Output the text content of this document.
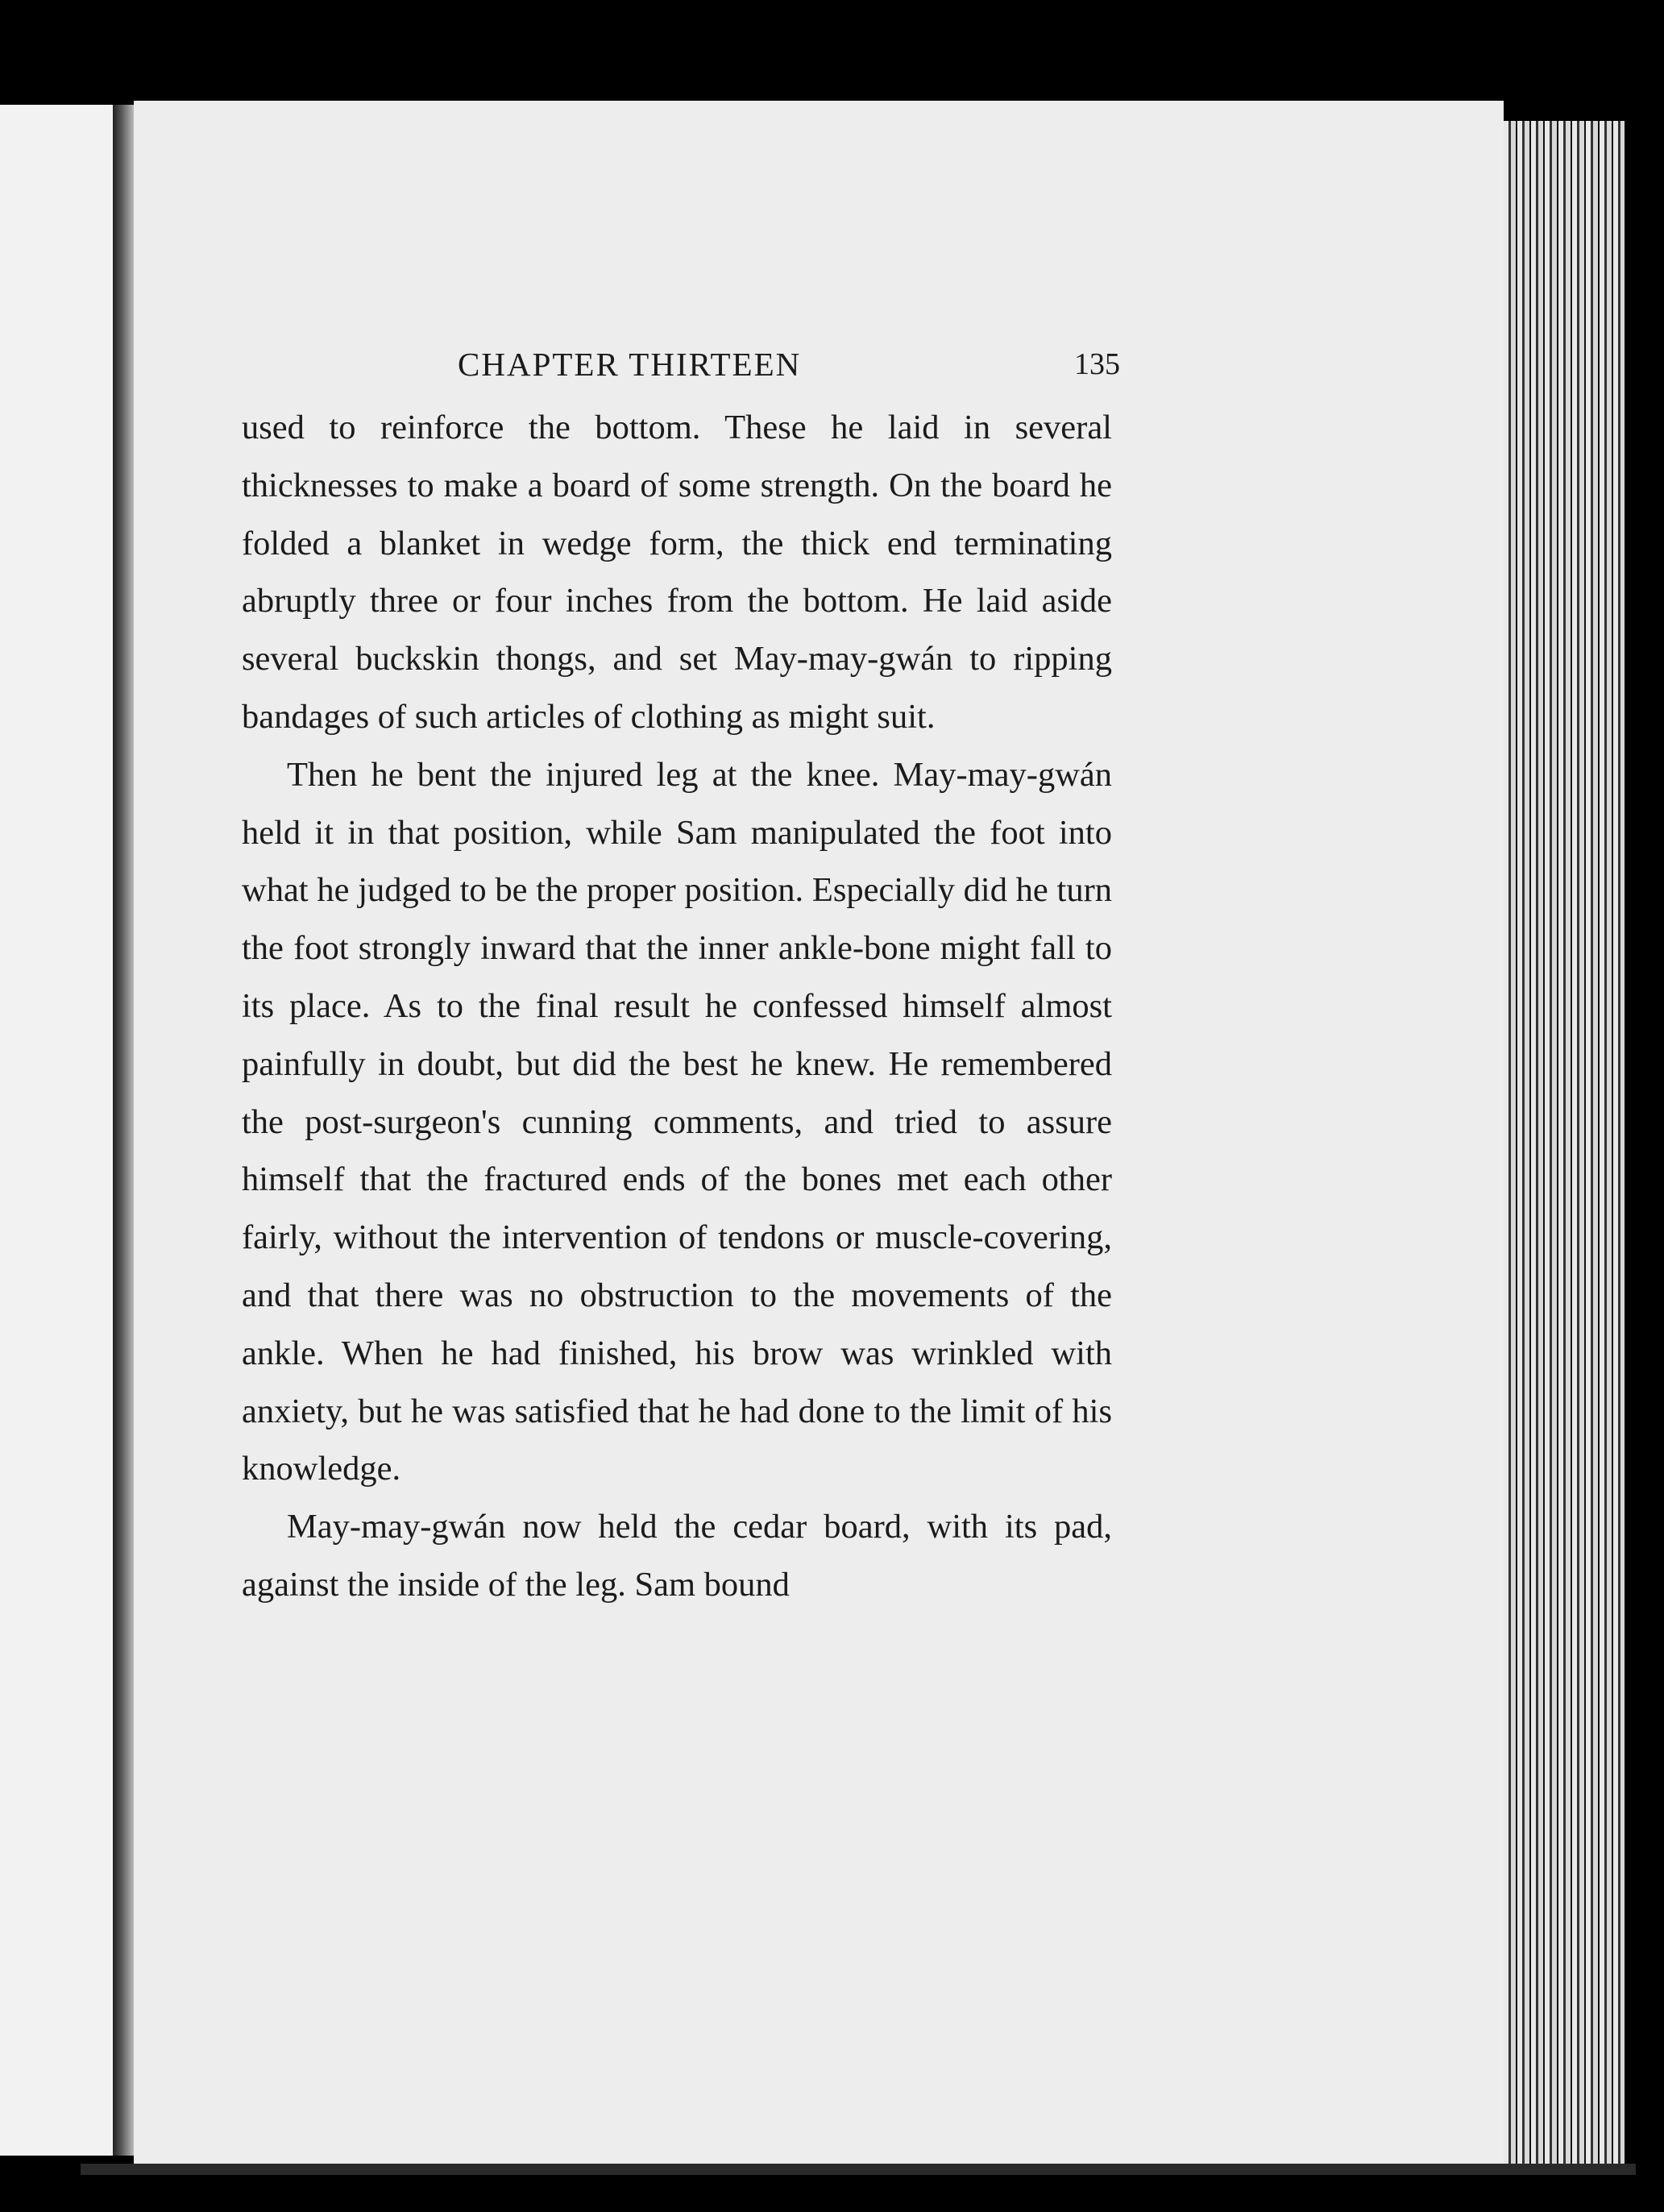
CHAPTER THIRTEEN	135

used to reinforce the bottom. These he laid in several thicknesses to make a board of some strength. On the board he folded a blanket in wedge form, the thick end terminating abruptly three or four inches from the bottom. He laid aside several buckskin thongs, and set May-may-gwán to ripping bandages of such articles of clothing as might suit.

Then he bent the injured leg at the knee. May-may-gwán held it in that position, while Sam manipulated the foot into what he judged to be the proper position. Especially did he turn the foot strongly inward that the inner ankle-bone might fall to its place. As to the final result he confessed himself almost painfully in doubt, but did the best he knew. He remembered the post-surgeon's cunning comments, and tried to assure himself that the fractured ends of the bones met each other fairly, without the intervention of tendons or muscle-covering, and that there was no obstruction to the movements of the ankle. When he had finished, his brow was wrinkled with anxiety, but he was satisfied that he had done to the limit of his knowledge.

May-may-gwán now held the cedar board, with its pad, against the inside of the leg. Sam bound
